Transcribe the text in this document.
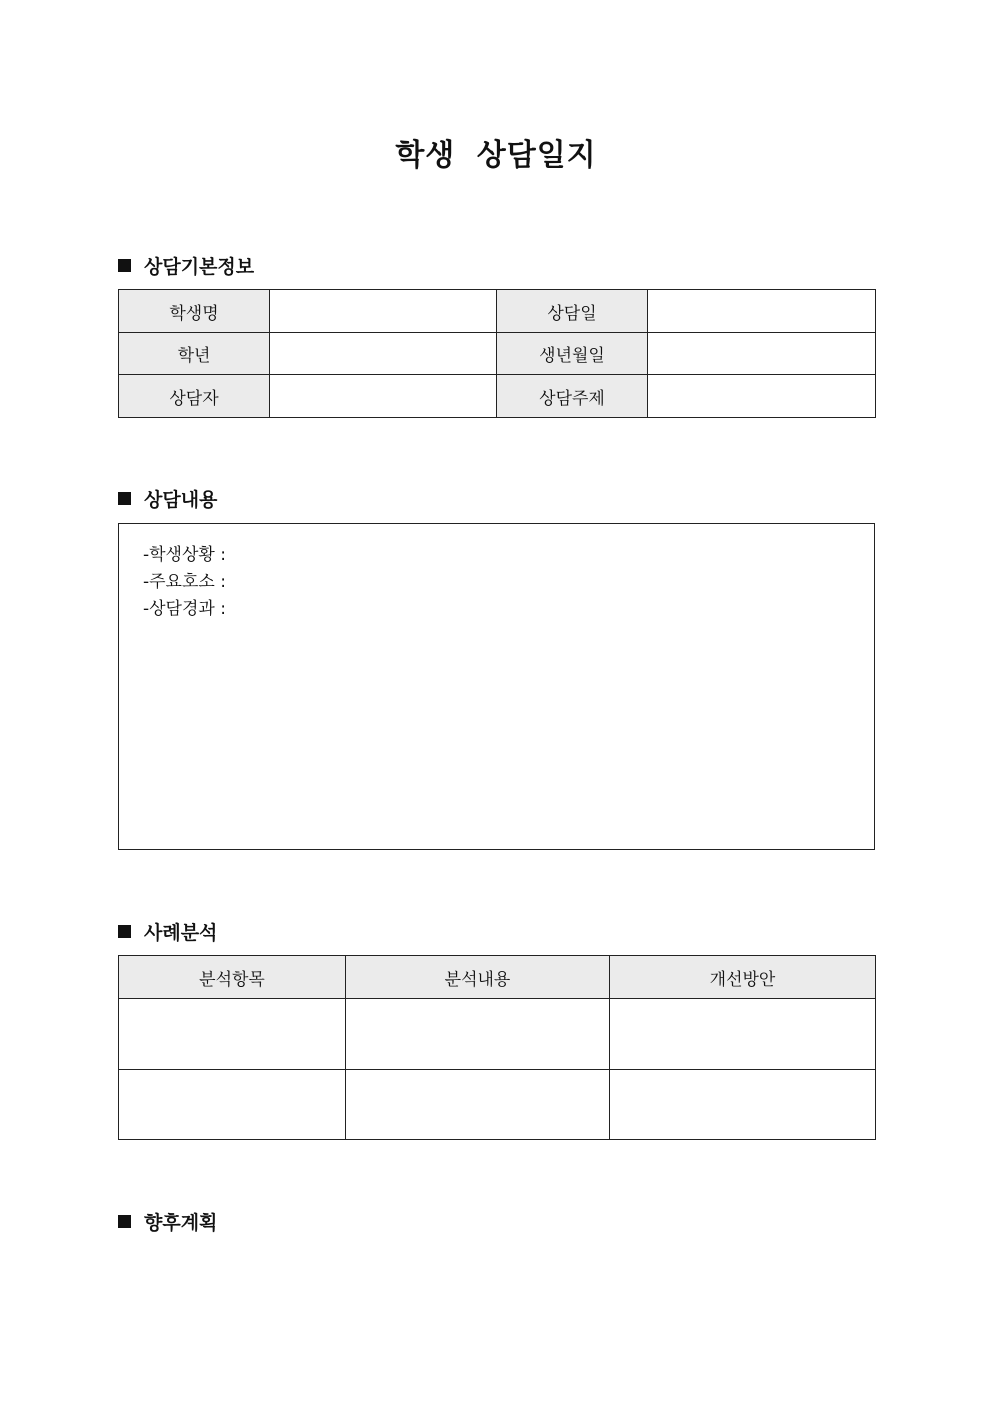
학생 상담일지
상담기본정보
학생명		상담일	
학년		생년월일	
상담자		상담주제	
상담내용
-학생상황 :
-주요호소 :
-상담경과 :
사례분석
분석항목	분석내용	개선방안

향후계획
